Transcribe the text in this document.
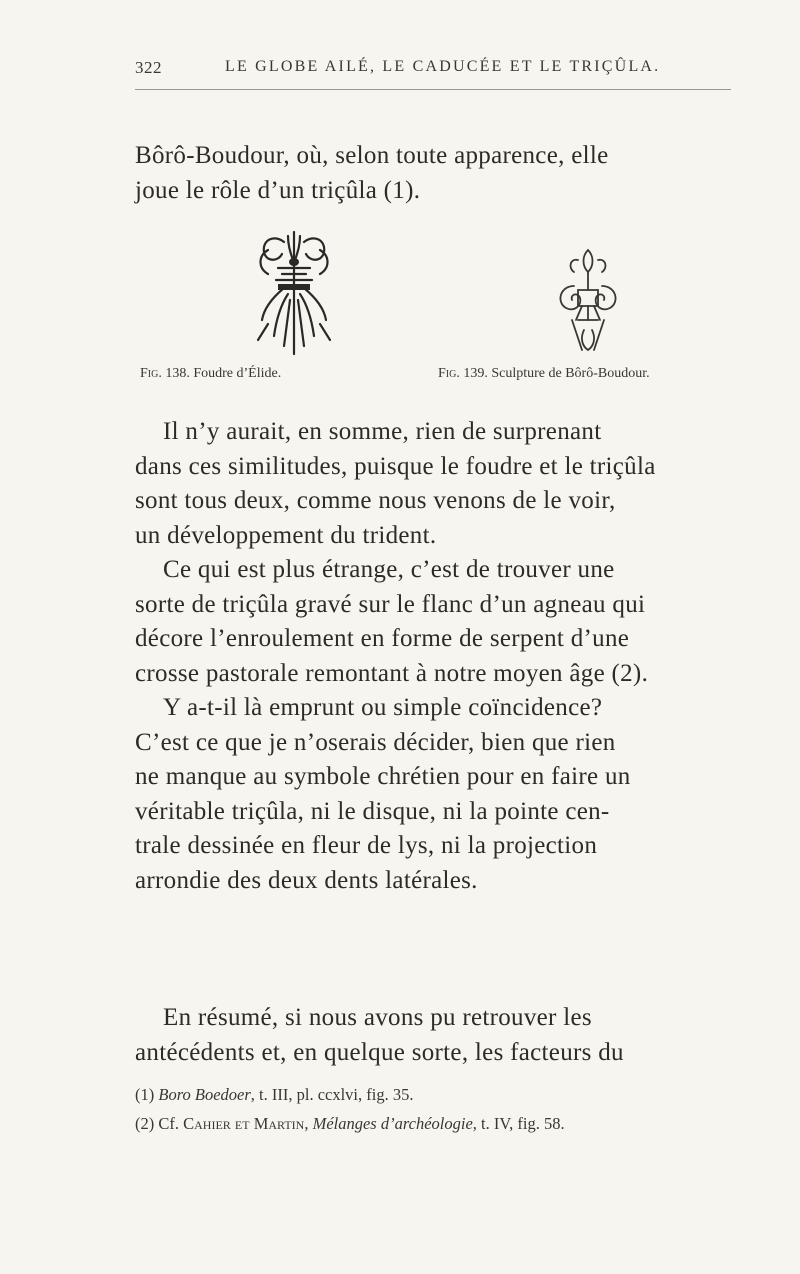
322	LE GLOBE AILÉ, LE CADUCÉE ET LE TRIÇÛLA.

Bôrô-Boudour, où, selon toute apparence, elle

joue le rôle d’un triçûla (1).

Fig. 138. Foudre d’Élide.	Fig. 139. Sculpture de Bôrô-Boudour.

Il n’y aurait, en somme, rien de surprenant

dans ces similitudes, puisque le foudre et le triçûla

sont tous deux, comme nous venons de le voir,

un développement du trident.

Ce qui est plus étrange, c’est de trouver une

sorte de triçûla gravé sur le flanc d’un agneau qui

décore l’enroulement en forme de serpent d’une

crosse pastorale remontant à notre moyen âge (2).

Y a-t-il là emprunt ou simple coïncidence?

C’est ce que je n’oserais décider, bien que rien

ne manque au symbole chrétien pour en faire un

véritable triçûla, ni le disque, ni la pointe cen-

trale dessinée en fleur de lys, ni la projection

arrondie des deux dents latérales.

En résumé, si nous avons pu retrouver les

antécédents et, en quelque sorte, les facteurs du

(1) Boro Boedoer, t. III, pl. ccxlvi, fig. 35.
(2) Cf. Cahier et Martin, Mélanges d’archéologie, t. IV, fig. 58.
